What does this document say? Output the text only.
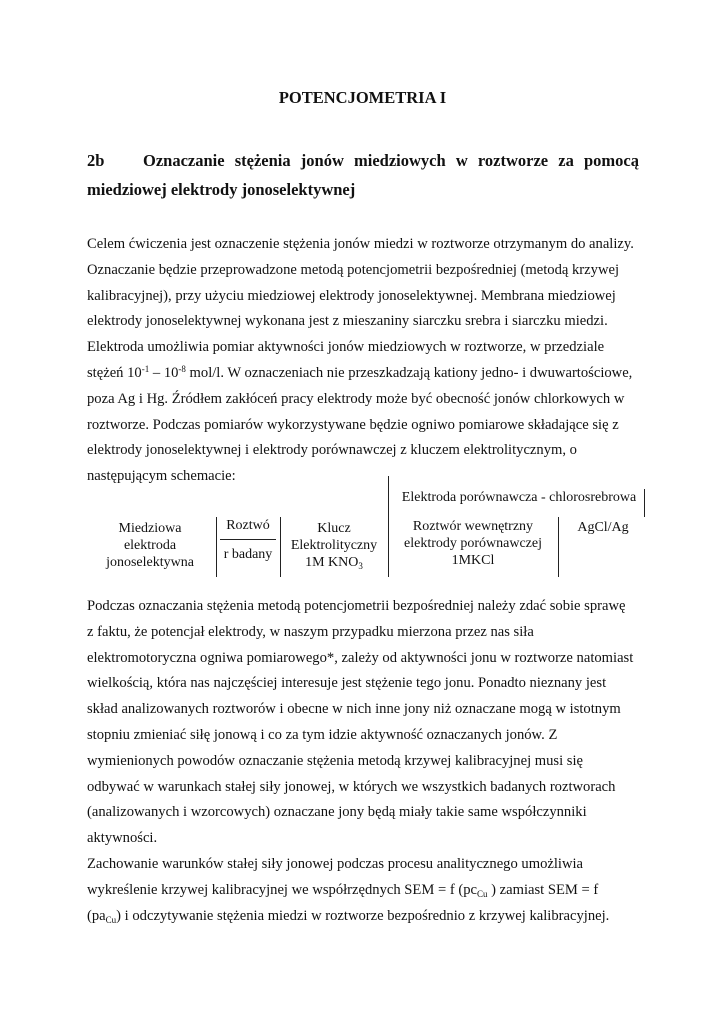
POTENCJOMETRIA I
2b Oznaczanie stężenia jonów miedziowych w roztworze za pomocą
miedziowej elektrody jonoselektywnej
Celem ćwiczenia jest oznaczenie stężenia jonów miedzi w roztworze otrzymanym do analizy.
Oznaczanie będzie przeprowadzone metodą potencjometrii bezpośredniej (metodą krzywej
kalibracyjnej), przy użyciu miedziowej elektrody jonoselektywnej. Membrana miedziowej
elektrody jonoselektywnej wykonana jest z mieszaniny siarczku srebra i siarczku miedzi.
Elektroda umożliwia pomiar aktywności jonów miedziowych w roztworze, w przedziale
stężeń $10^{-1} - 10^{-8}$ mol/l. W oznaczeniach nie przeszkadzają kationy jedno- i dwuwartościowe,
poza Ag i Hg. Źródłem zakłóceń pracy elektrody może być obecność jonów chlorkowych w
roztworze. Podczas pomiarów wykorzystywane będzie ogniwo pomiarowe składające się z
elektrody jonoselektywnej i elektrody porównawczej z kluczem elektrolitycznym, o
następującym schemacie:
Elektroda porównawcza - chlorosrebrowa
Miedziowa
elektroda
jonoselektywna
Roztwó
r badany
Klucz
Elektrolityczny
1M $KNO_3$
Roztwór wewnętrzny
elektrody porównawczej
1MKCl
AgCl/Ag
Podczas oznaczania stężenia metodą potencjometrii bezpośredniej należy zdać sobie sprawę
z faktu, że potencjał elektrody, w naszym przypadku mierzona przez nas siła
elektromotoryczna ogniwa pomiarowego*, zależy od aktywności jonu w roztworze natomiast
wielkością, która nas najczęściej interesuje jest stężenie tego jonu. Ponadto nieznany jest
skład analizowanych roztworów i obecne w nich inne jony niż oznaczane mogą w istotnym
stopniu zmieniać siłę jonową i co za tym idzie aktywność oznaczanych jonów. Z
wymienionych powodów oznaczanie stężenia metodą krzywej kalibracyjnej musi się
odbywać w warunkach stałej siły jonowej, w których we wszystkich badanych roztworach
(analizowanych i wzorcowych) oznaczane jony będą miały takie same współczynniki
aktywności.
Zachowanie warunków stałej siły jonowej podczas procesu analitycznego umożliwia
wykreślenie krzywej kalibracyjnej we współrzędnych SEM = f ($pc_{Cu}$ ) zamiast SEM = f
$(pa_{Cu})$ i odczytywanie stężenia miedzi w roztworze bezpośrednio z krzywej kalibracyjnej.
